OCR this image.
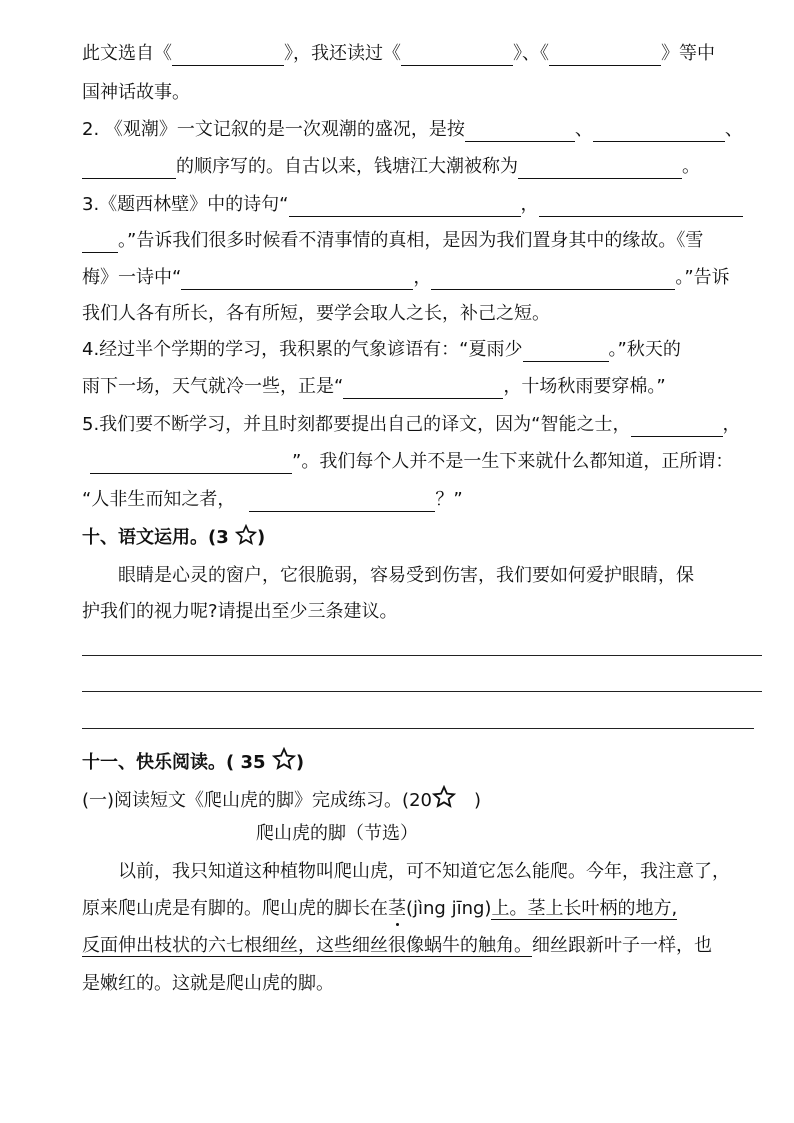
此文选自《	》，我还读过《	》、《	》等中
国神话故事。
2. 《观潮》一文记叙的是一次观潮的盛况，是按	、	、
的顺序写的。自古以来，钱塘江大潮被称为	。
3.《题西林壁》中的诗句“	，
。”告诉我们很多时候看不清事情的真相，是因为我们置身其中的缘故。《雪
梅》一诗中“	，	。”告诉
我们人各有所长，各有所短，要学会取人之长，补己之短。
4.经过半个学期的学习，我积累的气象谚语有：“夏雨少	。”秋天的
雨下一场，天气就冷一些，正是“	，十场秋雨要穿棉。”
5.我们要不断学习，并且时刻都要提出自己的译文，因为“智能之士，	，
”。我们每个人并不是一生下来就什么都知道，正所谓：
“人非生而知之者，	？”
十、语文运用。(3 )
眼睛是心灵的窗户，它很脆弱，容易受到伤害，我们要如何爱护眼睛，保
护我们的视力呢?请提出至少三条建议。
十一、快乐阅读。( 35 )
(一)阅读短文《爬山虎的脚》完成练习。(20 )
爬山虎的脚（节选）
以前，我只知道这种植物叫爬山虎，可不知道它怎么能爬。今年，我注意了，
原来爬山虎是有脚的。爬山虎的脚长在茎(jìng jīng)上。茎上长叶柄的地方,
反面伸出枝状的六七根细丝，这些细丝很像蜗牛的触角。细丝跟新叶子一样，也
是嫩红的。这就是爬山虎的脚。
